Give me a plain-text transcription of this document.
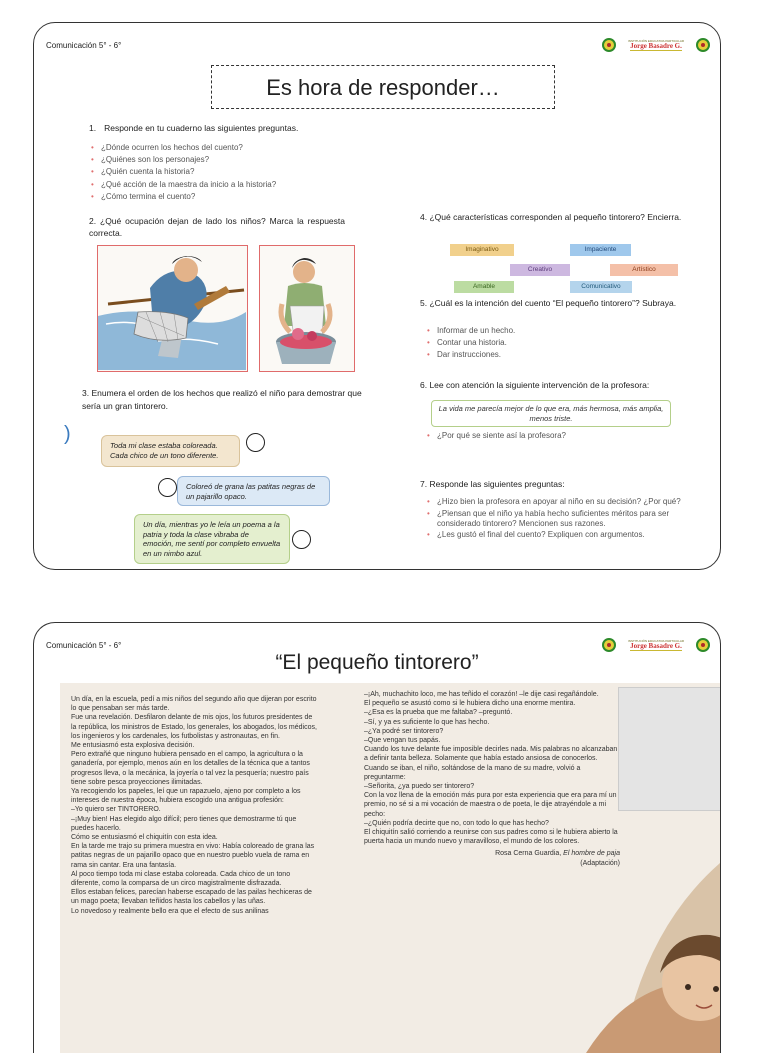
Comunicación 5° - 6°
INSTITUCIÓN EDUCATIVA PARTICULAR
Jorge Basadre G.
Es hora de responder…
1. Responde en tu cuaderno las siguientes preguntas.
• ¿Dónde ocurren los hechos del cuento?
• ¿Quiénes son los personajes?
• ¿Quién cuenta la historia?
• ¿Qué acción de la maestra da inicio a la historia?
• ¿Cómo termina el cuento?
2. ¿Qué ocupación dejan de lado los niños? Marca la respuesta correcta.
3. Enumera el orden de los hechos que realizó el niño para demostrar que sería un gran tintorero.
)
Toda mi clase estaba coloreada. Cada chico de un tono diferente.
Coloreó de grana las patitas negras de un pajarillo opaco.
Un día, mientras yo le leía un poema a la patria y toda la clase vibraba de emoción, me sentí por completo envuelta en un nimbo azul.
4. ¿Qué características corresponden al pequeño tintorero? Encierra.
Imaginativo	Impaciente
Creativo	Artístico
Amable	Comunicativo
5. ¿Cuál es la intención del cuento “El pequeño tintorero”? Subraya.
• Informar de un hecho.
• Contar una historia.
• Dar instrucciones.
6. Lee con atención la siguiente intervención de la profesora:
La vida me parecía mejor de lo que era, más hermosa, más amplia, menos triste.
• ¿Por qué se siente así la profesora?
7. Responde las siguientes preguntas:
• ¿Hizo bien la profesora en apoyar al niño en su decisión? ¿Por qué?
• ¿Piensan que el niño ya había hecho suficientes méritos para ser considerado tintorero? Mencionen sus razones.
• ¿Les gustó el final del cuento? Expliquen con argumentos.
Comunicación 5° - 6°
INSTITUCIÓN EDUCATIVA PARTICULAR
Jorge Basadre G.
“El pequeño tintorero”

Un día, en la escuela, pedí a mis niños del segundo año que dijeran por escrito lo que pensaban ser más tarde.

Fue una revelación. Desfilaron delante de mis ojos, los futuros presidentes de la república, los ministros de Estado, los generales, los abogados, los médicos, los ingenieros y los cardenales, los futbolistas y astronautas, en fin.

Me entusiasmó esta explosiva decisión.

Pero extrañé que ninguno hubiera pensado en el campo, la agricultura o la ganadería, por ejemplo, menos aún en los detalles de la técnica que a tantos progresos lleva, o la mecánica, la joyería o tal vez la pesquería; nuestro país tiene sobre pesca proyecciones ilimitadas.

Ya recogiendo los papeles, leí que un rapazuelo, ajeno por completo a los intereses de nuestra época, hubiera escogido una antigua profesión:

–Yo quiero ser TINTORERO.

–¡Muy bien! Has elegido algo difícil; pero tienes que demostrarme tú que puedes hacerlo.

Cómo se entusiasmó el chiquitín con esta idea.

En la tarde me trajo su primera muestra en vivo: Había coloreado de grana las patitas negras de un pajarillo opaco que en nuestro pueblo vuela de rama en rama sin cantar. Era una fantasía.

Al poco tiempo toda mi clase estaba coloreada. Cada chico de un tono diferente, como la comparsa de un circo magistralmente disfrazada.

Ellos estaban felices, parecían haberse escapado de las pailas hechiceras de un mago poeta; llevaban teñidos hasta los cabellos y las uñas.

Lo novedoso y realmente bello era que el efecto de sus anilinas

–¡Ah, muchachito loco, me has teñido el corazón! –le dije casi regañándole.

El pequeño se asustó como si le hubiera dicho una enorme mentira.

–¿Esa es la prueba que me faltaba? –preguntó.

–Sí, y ya es suficiente lo que has hecho.

–¿Ya podré ser tintorero?

–Que vengan tus papás.

Cuando los tuve delante fue imposible decirles nada. Mis palabras no alcanzaban a definir tanta belleza. Solamente que había estado ansiosa de conocerlos.

Cuando se iban, el niño, soltándose de la mano de su madre, volvió a preguntarme:

–Señorita, ¿ya puedo ser tintorero?

Con la voz llena de la emoción más pura por esta experiencia que era para mí un premio, no sé si a mi vocación de maestra o de poeta, le dije atrayéndole a mi pecho:

–¿Quién podría decirte que no, con todo lo que has hecho?

El chiquitín salió corriendo a reunirse con sus padres como si le hubiera abierto la puerta hacia un mundo nuevo y maravilloso, el mundo de los colores.

Rosa Cerna Guardia, El hombre de paja
(Adaptación)
